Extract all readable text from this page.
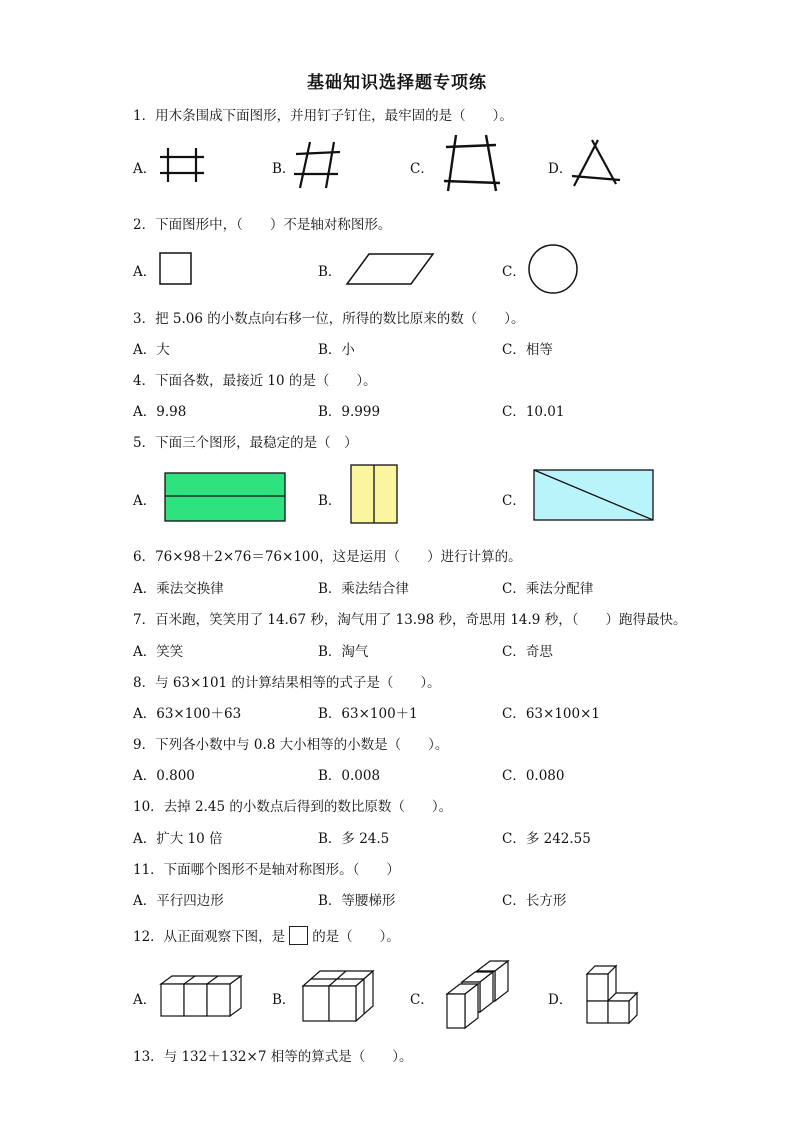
基础知识选择题专项练
1．用木条围成下面图形，并用钉子钉住，最牢固的是（　　）。
A．	B．	C．	D．
2．下面图形中，（　　）不是轴对称图形。
A．	B．	C．
3．把 5.06 的小数点向右移一位，所得的数比原来的数（　　）。
A．大	B．小	C．相等
4．下面各数，最接近 10 的是（　　）。
A．9.98	B．9.999	C．10.01
5．下面三个图形，最稳定的是（　）
A．	B．	C．
6．76×98＋2×76＝76×100，这是运用（　　）进行计算的。
A．乘法交换律	B．乘法结合律	C．乘法分配律
7．百米跑，笑笑用了 14.67 秒，淘气用了 13.98 秒，奇思用 14.9 秒，（　　）跑得最快。
A．笑笑	B．淘气	C．奇思
8．与 63×101 的计算结果相等的式子是（　　）。
A．63×100＋63	B．63×100＋1	C．63×100×1
9．下列各小数中与 0.8 大小相等的小数是（　　）。
A．0.800	B．0.008	C．0.080
10．去掉 2.45 的小数点后得到的数比原数（　　）。
A．扩大 10 倍	B．多 24.5	C．多 242.55
11．下面哪个图形不是轴对称图形。（　　）
A．平行四边形	B．等腰梯形	C．长方形
12．从正面观察下图，是 的是（　　）。
A．	B．	C．	D．
13．与 132＋132×7 相等的算式是（　　）。
